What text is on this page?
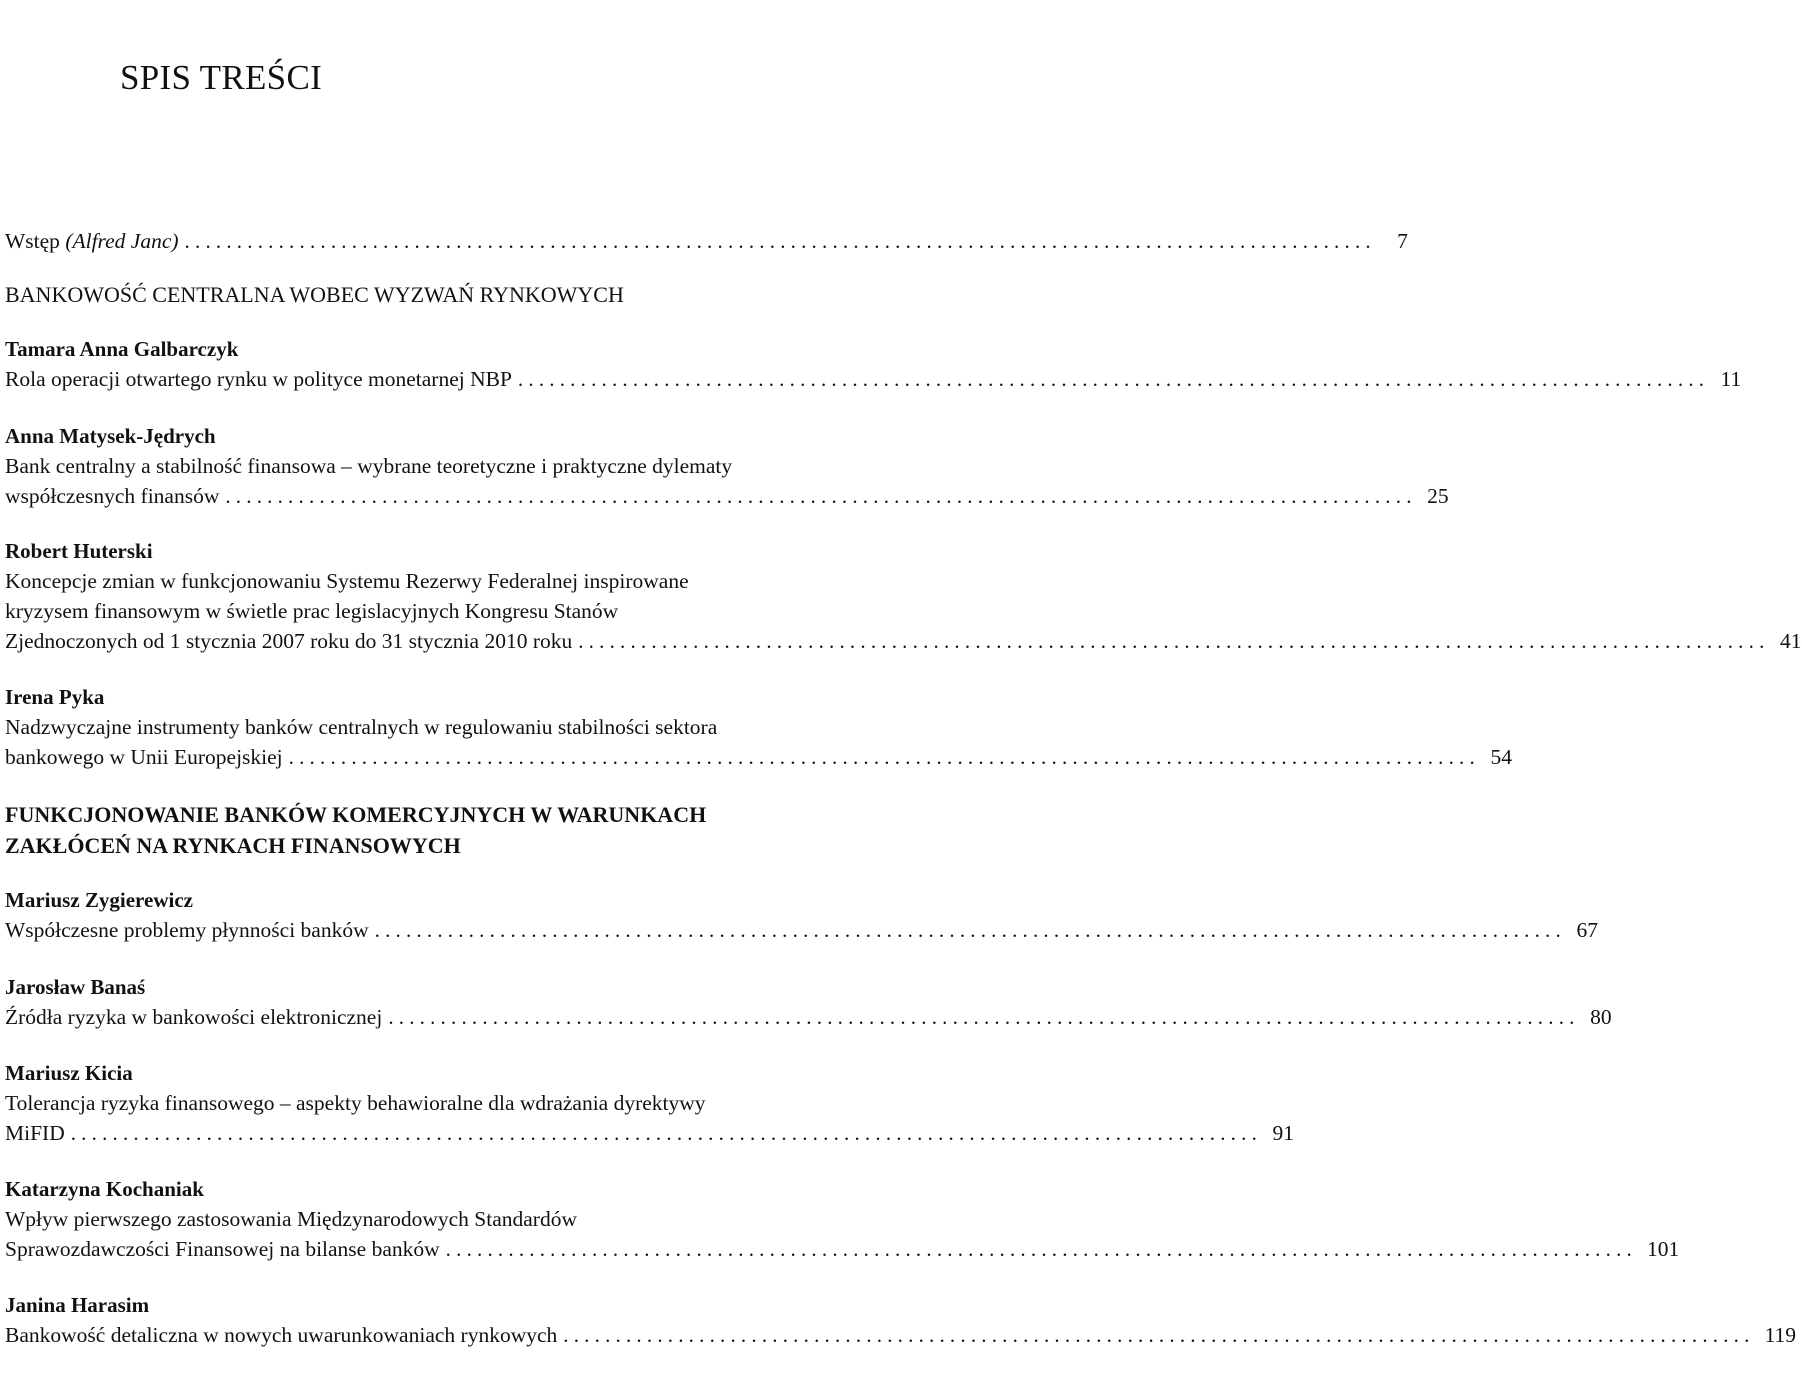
SPIS TREŚCI
Wstęp (Alfred Janc) .................................................................................................................. 7

BANKOWOŚĆ CENTRALNA WOBEC WYZWAŃ RYNKOWYCH

Tamara Anna Galbarczyk

Rola operacji otwartego rynku w polityce monetarnej NBP .................................................................................................................. 11

Anna Matysek-Jędrych

Bank centralny a stabilność finansowa – wybrane teoretyczne i praktyczne dylematy
współczesnych finansów .................................................................................................................. 25

Robert Huterski

Koncepcje zmian w funkcjonowaniu Systemu Rezerwy Federalnej inspirowane
kryzysem finansowym w świetle prac legislacyjnych Kongresu Stanów
Zjednoczonych od 1 stycznia 2007 roku do 31 stycznia 2010 roku .................................................................................................................. 41

Irena Pyka

Nadzwyczajne instrumenty banków centralnych w regulowaniu stabilności sektora
bankowego w Unii Europejskiej .................................................................................................................. 54

FUNKCJONOWANIE BANKÓW KOMERCYJNYCH W WARUNKACH

ZAKŁÓCEŃ NA RYNKACH FINANSOWYCH

Mariusz Zygierewicz

Współczesne problemy płynności banków .................................................................................................................. 67

Jarosław Banaś

Źródła ryzyka w bankowości elektronicznej .................................................................................................................. 80

Mariusz Kicia

Tolerancja ryzyka finansowego – aspekty behawioralne dla wdrażania dyrektywy
MiFID .................................................................................................................. 91

Katarzyna Kochaniak

Wpływ pierwszego zastosowania Międzynarodowych Standardów
Sprawozdawczości Finansowej na bilanse banków .................................................................................................................. 101

Janina Harasim

Bankowość detaliczna w nowych uwarunkowaniach rynkowych .................................................................................................................. 119
